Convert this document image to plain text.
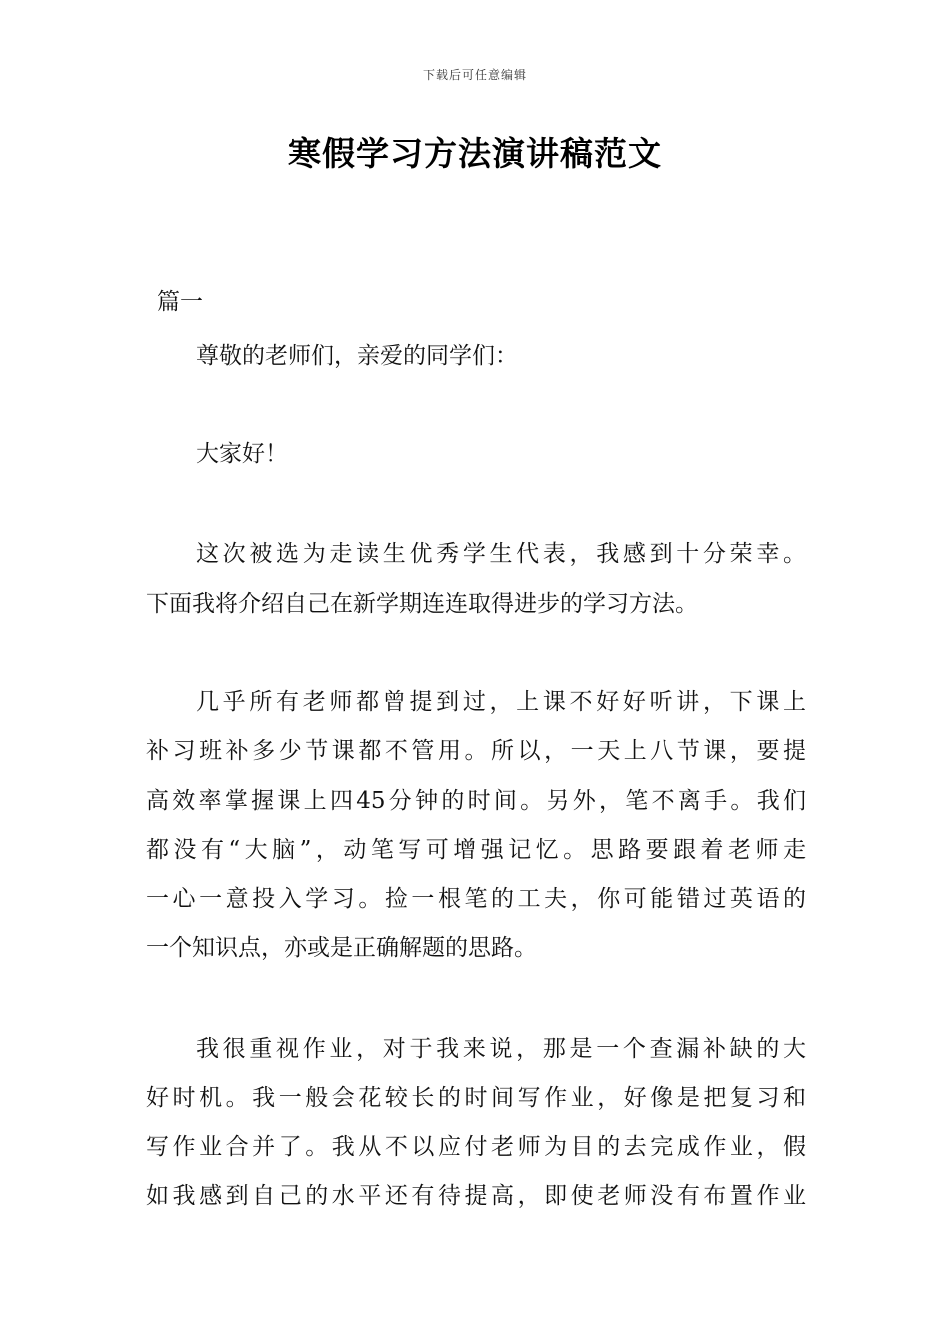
下载后可任意编辑
寒假学习方法演讲稿范文
篇一
尊敬的老师们，亲爱的同学们：
大家好！
这次被选为走读生优秀学生代表，我感到十分荣幸。
下面我将介绍自己在新学期连连取得进步的学习方法。
几乎所有老师都曾提到过，上课不好好听讲，下课上
补习班补多少节课都不管用。所以，一天上八节课，要提
高效率掌握课上四45分钟的时间。另外，笔不离手。我们
都没有“大脑”，动笔写可增强记忆。思路要跟着老师走
一心一意投入学习。捡一根笔的工夫，你可能错过英语的
一个知识点，亦或是正确解题的思路。
我很重视作业，对于我来说，那是一个查漏补缺的大
好时机。我一般会花较长的时间写作业，好像是把复习和
写作业合并了。我从不以应付老师为目的去完成作业，假
如我感到自己的水平还有待提高，即使老师没有布置作业
